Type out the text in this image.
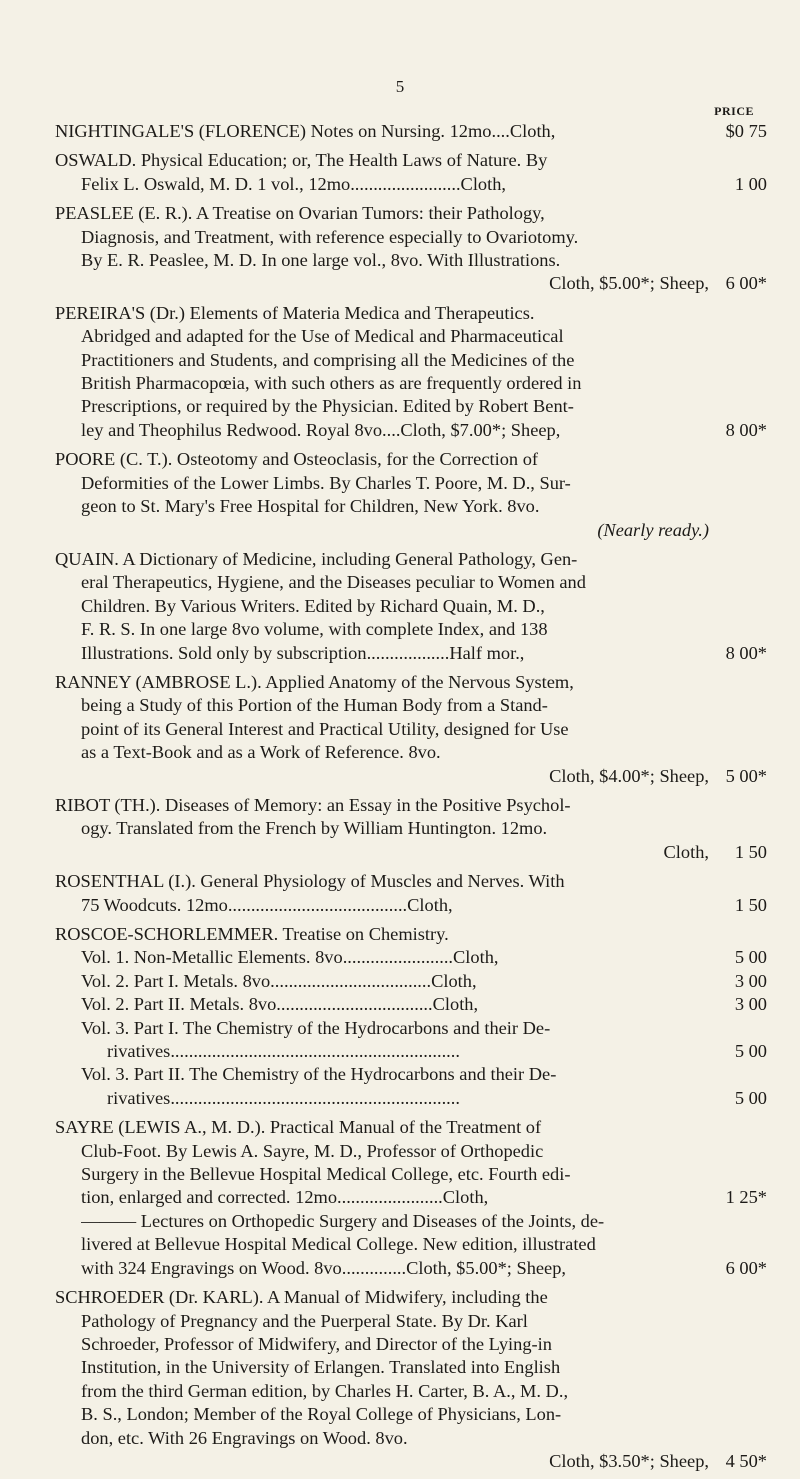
5
PRICE
NIGHTINGALE'S (FLORENCE) Notes on Nursing. 12mo....Cloth,	$0 75
OSWALD. Physical Education; or, The Health Laws of Nature. By
Felix L. Oswald, M. D. 1 vol., 12mo........................Cloth,	1 00
PEASLEE (E. R.). A Treatise on Ovarian Tumors: their Pathology,
Diagnosis, and Treatment, with reference especially to Ovariotomy.
By E. R. Peaslee, M. D. In one large vol., 8vo. With Illustrations.
Cloth, $5.00*; Sheep, 6 00*
PEREIRA'S (Dr.) Elements of Materia Medica and Therapeutics.
Abridged and adapted for the Use of Medical and Pharmaceutical
Practitioners and Students, and comprising all the Medicines of the
British Pharmacopœia, with such others as are frequently ordered in
Prescriptions, or required by the Physician. Edited by Robert Bent-
ley and Theophilus Redwood. Royal 8vo....Cloth, $7.00*; Sheep,	8 00*
POORE (C. T.). Osteotomy and Osteoclasis, for the Correction of
Deformities of the Lower Limbs. By Charles T. Poore, M. D., Sur-
geon to St. Mary's Free Hospital for Children, New York. 8vo.
(Nearly ready.)
QUAIN. A Dictionary of Medicine, including General Pathology, Gen-
eral Therapeutics, Hygiene, and the Diseases peculiar to Women and
Children. By Various Writers. Edited by Richard Quain, M. D.,
F. R. S. In one large 8vo volume, with complete Index, and 138
Illustrations. Sold only by subscription..................Half mor.,	8 00*
RANNEY (AMBROSE L.). Applied Anatomy of the Nervous System,
being a Study of this Portion of the Human Body from a Stand-
point of its General Interest and Practical Utility, designed for Use
as a Text-Book and as a Work of Reference. 8vo.
Cloth, $4.00*; Sheep, 5 00*
RIBOT (TH.). Diseases of Memory: an Essay in the Positive Psychol-
ogy. Translated from the French by William Huntington. 12mo.
Cloth,	1 50
ROSENTHAL (I.). General Physiology of Muscles and Nerves. With
75 Woodcuts. 12mo.......................................Cloth,	1 50
ROSCOE-SCHORLEMMER. Treatise on Chemistry.
Vol. 1. Non-Metallic Elements. 8vo........................Cloth,	5 00
Vol. 2. Part I. Metals. 8vo...................................Cloth,	3 00
Vol. 2. Part II. Metals. 8vo..................................Cloth,	3 00
Vol. 3. Part I. The Chemistry of the Hydrocarbons and their De-
rivatives...............................................................	5 00
Vol. 3. Part II. The Chemistry of the Hydrocarbons and their De-
rivatives...............................................................	5 00
SAYRE (LEWIS A., M. D.). Practical Manual of the Treatment of
Club-Foot. By Lewis A. Sayre, M. D., Professor of Orthopedic
Surgery in the Bellevue Hospital Medical College, etc. Fourth edi-
tion, enlarged and corrected. 12mo.......................Cloth,	1 25*
——— Lectures on Orthopedic Surgery and Diseases of the Joints, de-
livered at Bellevue Hospital Medical College. New edition, illustrated
with 324 Engravings on Wood. 8vo..............Cloth, $5.00*; Sheep,	6 00*
SCHROEDER (Dr. KARL). A Manual of Midwifery, including the
Pathology of Pregnancy and the Puerperal State. By Dr. Karl
Schroeder, Professor of Midwifery, and Director of the Lying-in
Institution, in the University of Erlangen. Translated into English
from the third German edition, by Charles H. Carter, B. A., M. D.,
B. S., London; Member of the Royal College of Physicians, Lon-
don, etc. With 26 Engravings on Wood. 8vo.
Cloth, $3.50*; Sheep, 4 50*
